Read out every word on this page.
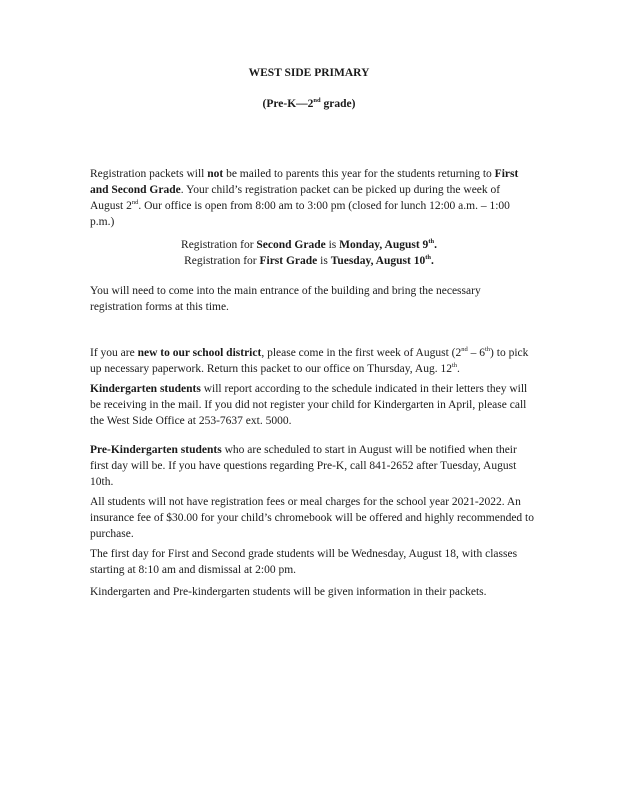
WEST SIDE PRIMARY
(Pre-K—2nd grade)

Registration packets will not be mailed to parents this year for the students returning to First and Second Grade. Your child’s registration packet can be picked up during the week of August 2nd. Our office is open from 8:00 am to 3:00 pm (closed for lunch 12:00 a.m. – 1:00 p.m.)

Registration for Second Grade is Monday, August 9th.
Registration for First Grade is Tuesday, August 10th.

You will need to come into the main entrance of the building and bring the necessary registration forms at this time.

If you are new to our school district, please come in the first week of August (2nd – 6th) to pick up necessary paperwork. Return this packet to our office on Thursday, Aug. 12th.

Kindergarten students will report according to the schedule indicated in their letters they will be receiving in the mail. If you did not register your child for Kindergarten in April, please call the West Side Office at 253-7637 ext. 5000.

Pre-Kindergarten students who are scheduled to start in August will be notified when their first day will be. If you have questions regarding Pre-K, call 841-2652 after Tuesday, August 10th.

All students will not have registration fees or meal charges for the school year 2021-2022. An insurance fee of $30.00 for your child’s chromebook will be offered and highly recommended to purchase.

The first day for First and Second grade students will be Wednesday, August 18, with classes starting at 8:10 am and dismissal at 2:00 pm.

Kindergarten and Pre-kindergarten students will be given information in their packets.
